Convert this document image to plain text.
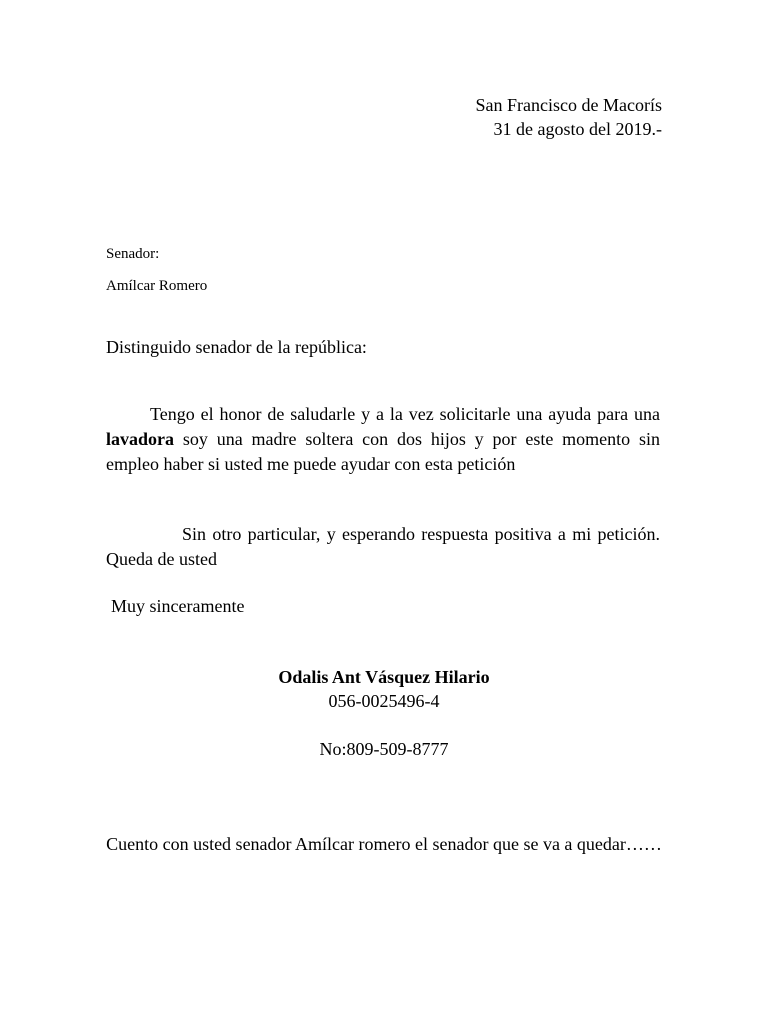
San Francisco de Macorís
31 de agosto del 2019.-
Senador:
Amílcar Romero
Distinguido senador de la república:
Tengo el honor de saludarle y a la vez solicitarle una ayuda para una lavadora soy una madre soltera con dos hijos y por este momento sin empleo haber si usted me puede ayudar con esta petición
Sin otro particular, y esperando respuesta positiva a mi petición. Queda de usted
Muy sinceramente
Odalis Ant Vásquez Hilario
056-0025496-4
No:809-509-8777
Cuento con usted senador Amílcar romero el senador que se va a quedar……
